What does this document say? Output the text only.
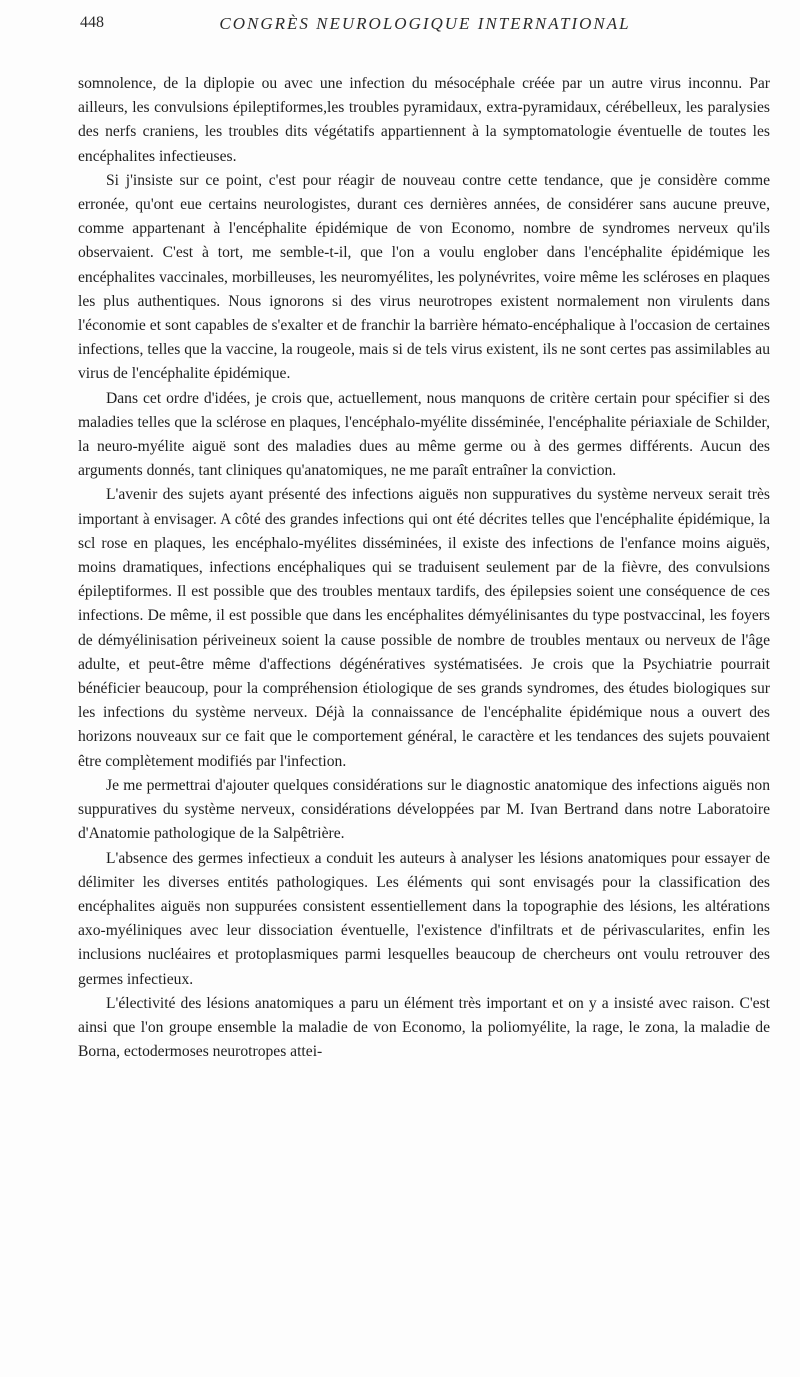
448	CONGRÈS NEUROLOGIQUE INTERNATIONAL

somnolence, de la diplopie ou avec une infection du mésocéphale créée par un autre virus inconnu. Par ailleurs, les convulsions épileptiformes,les troubles pyramidaux, extra-pyramidaux, cérébelleux, les paralysies des nerfs craniens, les troubles dits végétatifs appartiennent à la symptomatologie éventuelle de toutes les encéphalites infectieuses.

Si j'insiste sur ce point, c'est pour réagir de nouveau contre cette tendance, que je considère comme erronée, qu'ont eue certains neurologistes, durant ces dernières années, de considérer sans aucune preuve, comme appartenant à l'encéphalite épidémique de von Economo, nombre de syndromes nerveux qu'ils observaient. C'est à tort, me semble-t-il, que l'on a voulu englober dans l'encéphalite épidémique les encéphalites vaccinales, morbilleuses, les neuromyélites, les polynévrites, voire même les scléroses en plaques les plus authentiques. Nous ignorons si des virus neurotropes existent normalement non virulents dans l'économie et sont capables de s'exalter et de franchir la barrière hémato-encéphalique à l'occasion de certaines infections, telles que la vaccine, la rougeole, mais si de tels virus existent, ils ne sont certes pas assimilables au virus de l'encéphalite épidémique.

Dans cet ordre d'idées, je crois que, actuellement, nous manquons de critère certain pour spécifier si des maladies telles que la sclérose en plaques, l'encéphalo-myélite disséminée, l'encéphalite périaxiale de Schilder, la neuro-myélite aiguë sont des maladies dues au même germe ou à des germes différents. Aucun des arguments donnés, tant cliniques qu'anatomiques, ne me paraît entraîner la conviction.

L'avenir des sujets ayant présenté des infections aiguës non suppuratives du système nerveux serait très important à envisager. A côté des grandes infections qui ont été décrites telles que l'encéphalite épidémique, la scl rose en plaques, les encéphalo-myélites disséminées, il existe des infections de l'enfance moins aiguës, moins dramatiques, infections encéphaliques qui se traduisent seulement par de la fièvre, des convulsions épileptiformes. Il est possible que des troubles mentaux tardifs, des épilepsies soient une conséquence de ces infections. De même, il est possible que dans les encéphalites démyélinisantes du type postvaccinal, les foyers de démyélinisation périveineux soient la cause possible de nombre de troubles mentaux ou nerveux de l'âge adulte, et peut-être même d'affections dégénératives systématisées. Je crois que la Psychiatrie pourrait bénéficier beaucoup, pour la compréhension étiologique de ses grands syndromes, des études biologiques sur les infections du système nerveux. Déjà la connaissance de l'encéphalite épidémique nous a ouvert des horizons nouveaux sur ce fait que le comportement général, le caractère et les tendances des sujets pouvaient être complètement modifiés par l'infection.

Je me permettrai d'ajouter quelques considérations sur le diagnostic anatomique des infections aiguës non suppuratives du système nerveux, considérations développées par M. Ivan Bertrand dans notre Laboratoire d'Anatomie pathologique de la Salpêtrière.

L'absence des germes infectieux a conduit les auteurs à analyser les lésions anatomiques pour essayer de délimiter les diverses entités pathologiques. Les éléments qui sont envisagés pour la classification des encéphalites aiguës non suppurées consistent essentiellement dans la topographie des lésions, les altérations axo-myéliniques avec leur dissociation éventuelle, l'existence d'infiltrats et de périvascularites, enfin les inclusions nucléaires et protoplasmiques parmi lesquelles beaucoup de chercheurs ont voulu retrouver des germes infectieux.

L'électivité des lésions anatomiques a paru un élément très important et on y a insisté avec raison. C'est ainsi que l'on groupe ensemble la maladie de von Economo, la poliomyélite, la rage, le zona, la maladie de Borna, ectodermoses neurotropes attei-
